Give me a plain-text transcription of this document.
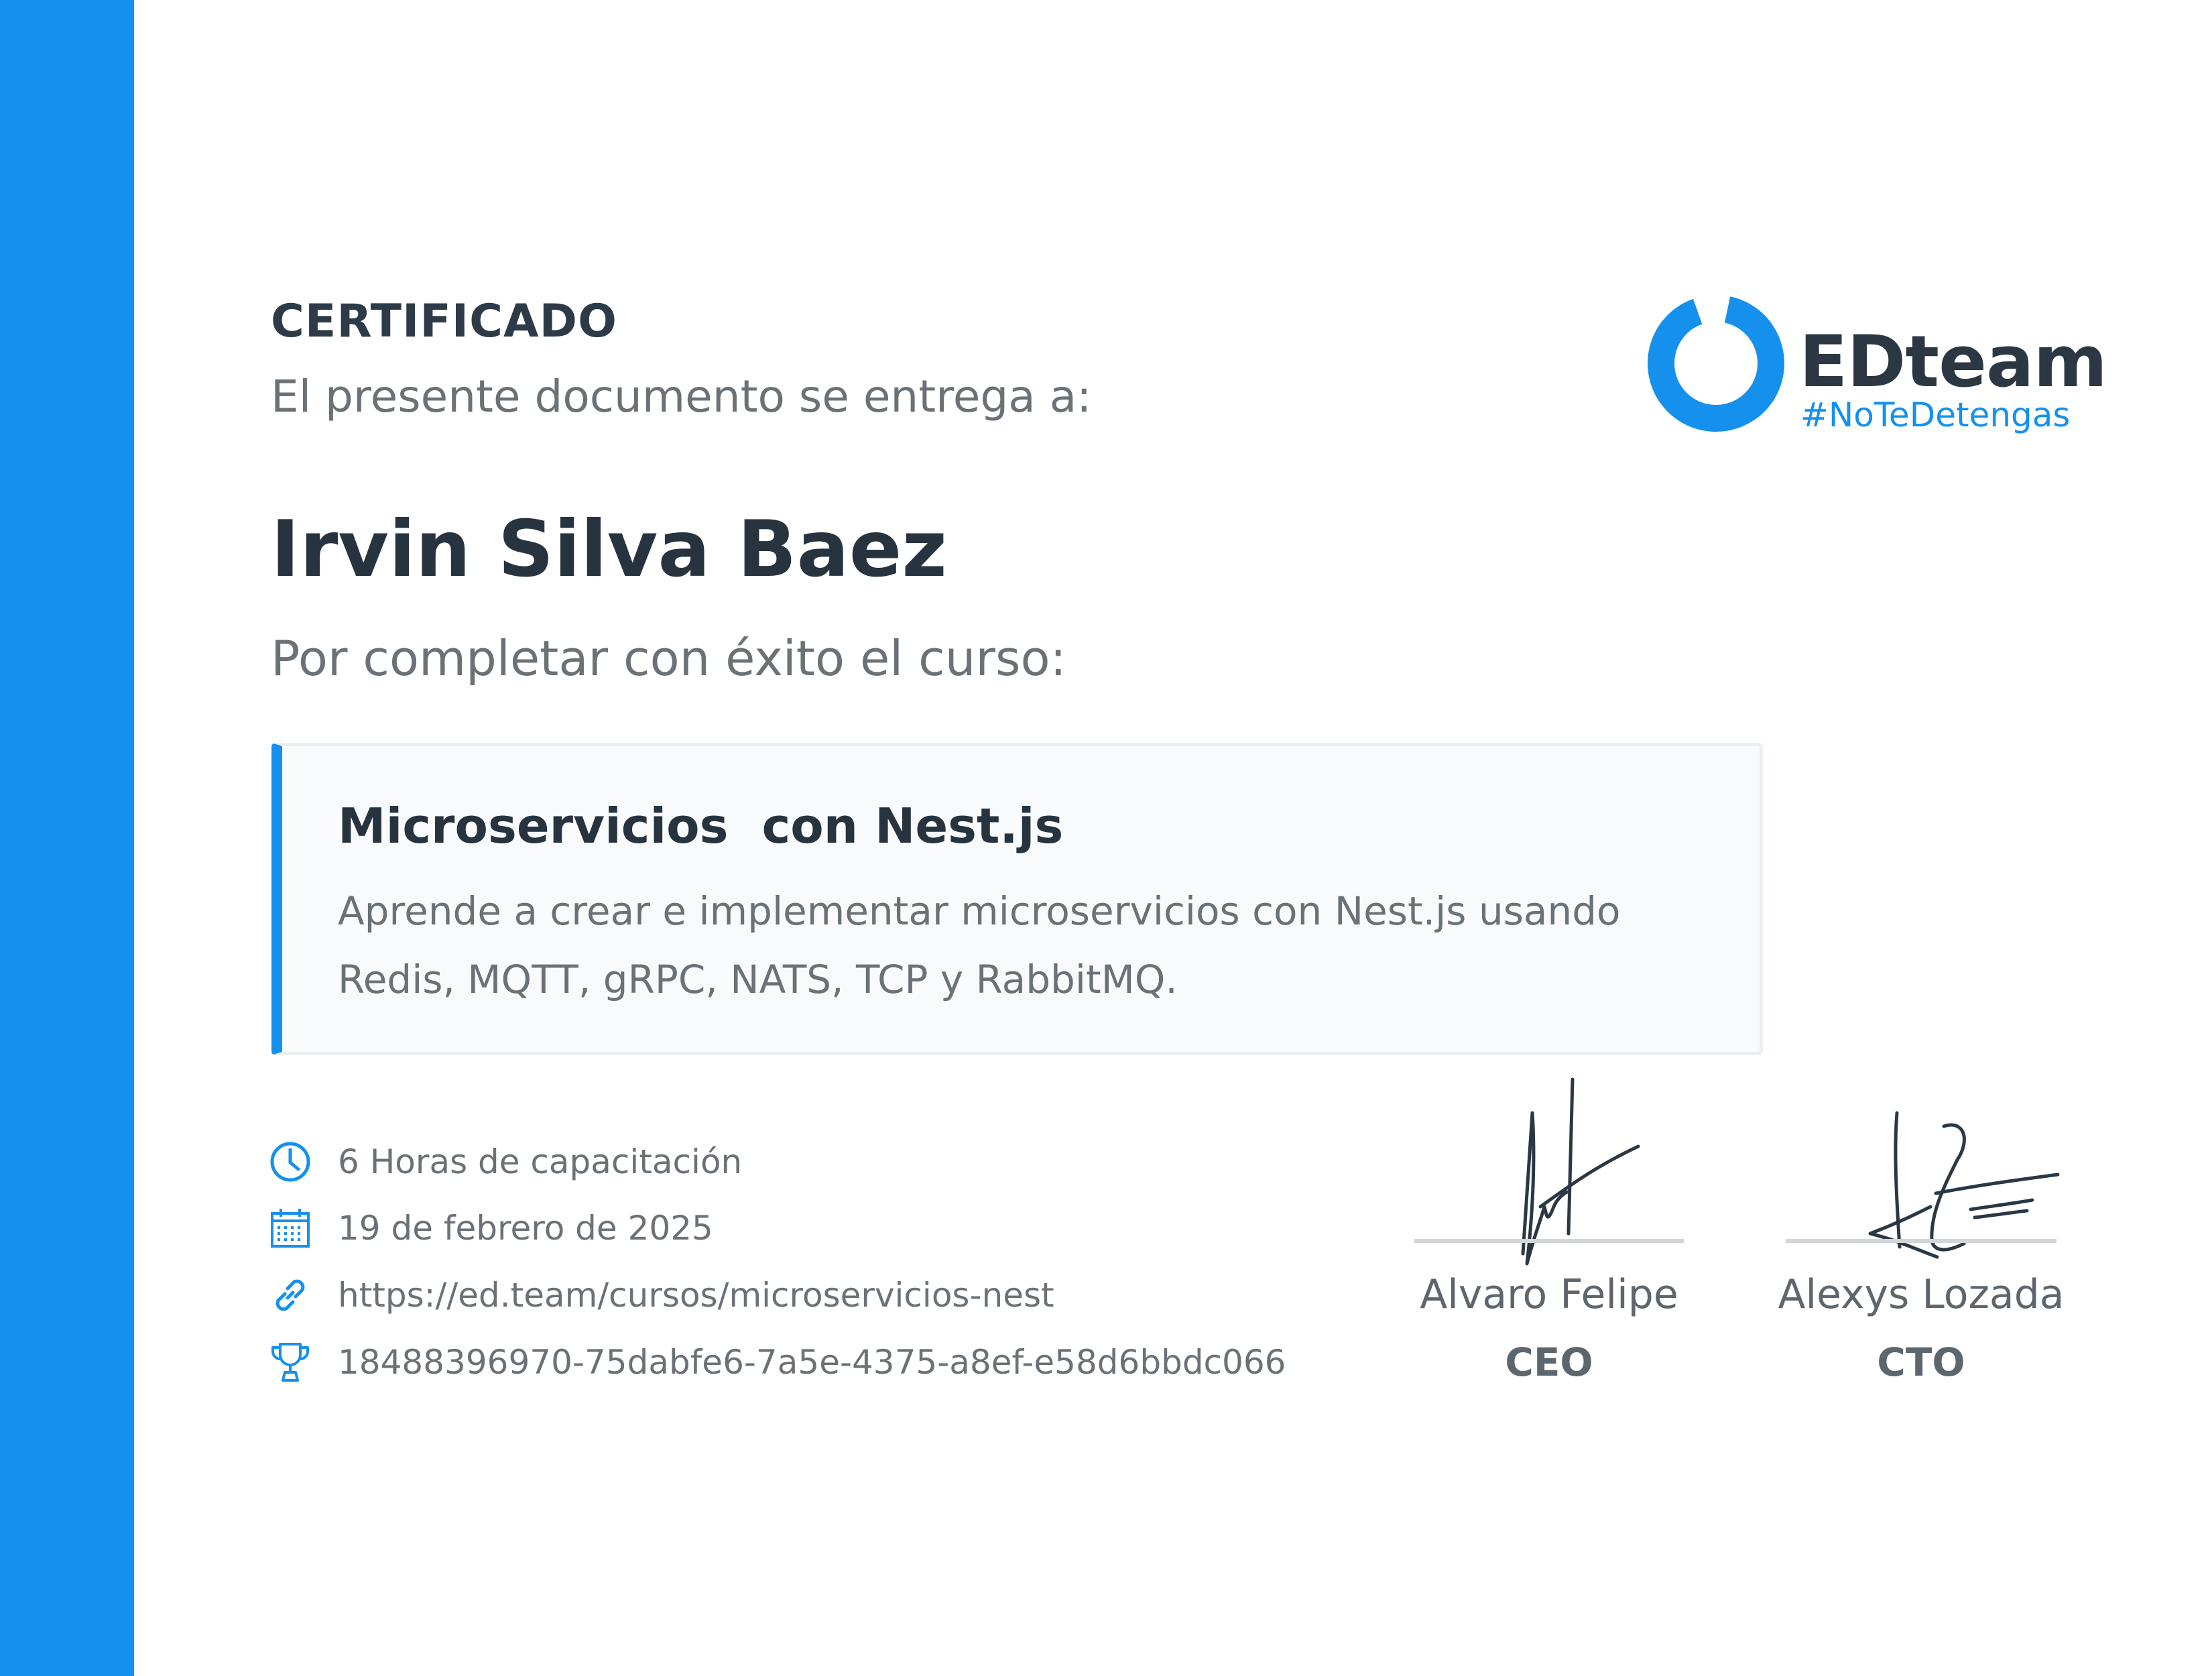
CERTIFICADO
El presente documento se entrega a:
Irvin Silva Baez
Por completar con éxito el curso:
Microservicios  con Nest.js
Aprende a crear e implementar microservicios con Nest.js usando Redis, MQTT, gRPC, NATS, TCP y RabbitMQ.
6 Horas de capacitación
19 de febrero de 2025
https://ed.team/cursos/microservicios-nest
18488396970-75dabfe6-7a5e-4375-a8ef-e58d6bbdc066
EDteam
#NoTeDetengas
Alvaro Felipe
CEO
Alexys Lozada
CTO
